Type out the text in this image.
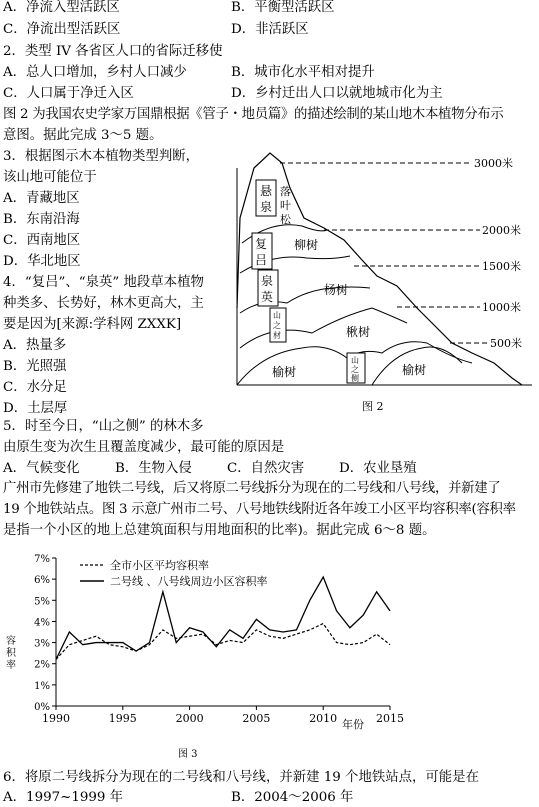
A．净流入型活跃区	B．平衡型活跃区
C．净流出型活跃区	D．非活跃区
2．类型 IV 各省区人口的省际迁移使
A．总人口增加，乡村人口减少	B．城市化水平相对提升
C．人口属于净迁入区	D．乡村迁出人口以就地城市化为主
图 2 为我国农史学家万国鼎根据《管子・地员篇》的描述绘制的某山地木本植物分布示
意图。据此完成 3～5 题。
3．根据图示木本植物类型判断，
该山地可能位于
A．青藏地区
B．东南沿海
C．西南地区
D．华北地区
4．“复吕”、“泉英” 地段草本植物
种类多、长势好，林木更高大，主
要是因为[来源:学科网 ZXXK]
A．热量多
B．光照强
C．水分足
D．土层厚
5．时至今日，“山之侧” 的林木多
由原生变为次生且覆盖度减少，最可能的原因是
A．气候变化	B．生物入侵	C．自然灾害	D．农业垦殖
广州市先修建了地铁二号线，后又将原二号线拆分为现在的二号线和八号线，并新建了
19 个地铁站点。图 3 示意广州市二号、八号地铁线附近各年竣工小区平均容积率(容积率
是指一个小区的地上总建筑面积与用地面积的比率)。据此完成 6～8 题。
6．将原二号线拆分为现在的二号线和八号线，并新建 19 个地铁站点，可能是在
A．1997~1999 年	B．2004～2006 年
3000米
2000米
1500米
1000米
500米
悬
泉
落
叶
松
复
吕
柳树
泉
英	杨树
山
之
材	楸树
榆树
山
之
侧
榆树
图 2
0%
1%
2%
3%
4%
5%
6%
7%
1990	1995	2000	2005	2010	2015
全市小区平均容积率
二号线 、八号线周边小区容积率
容
积
率
年份
图 3
